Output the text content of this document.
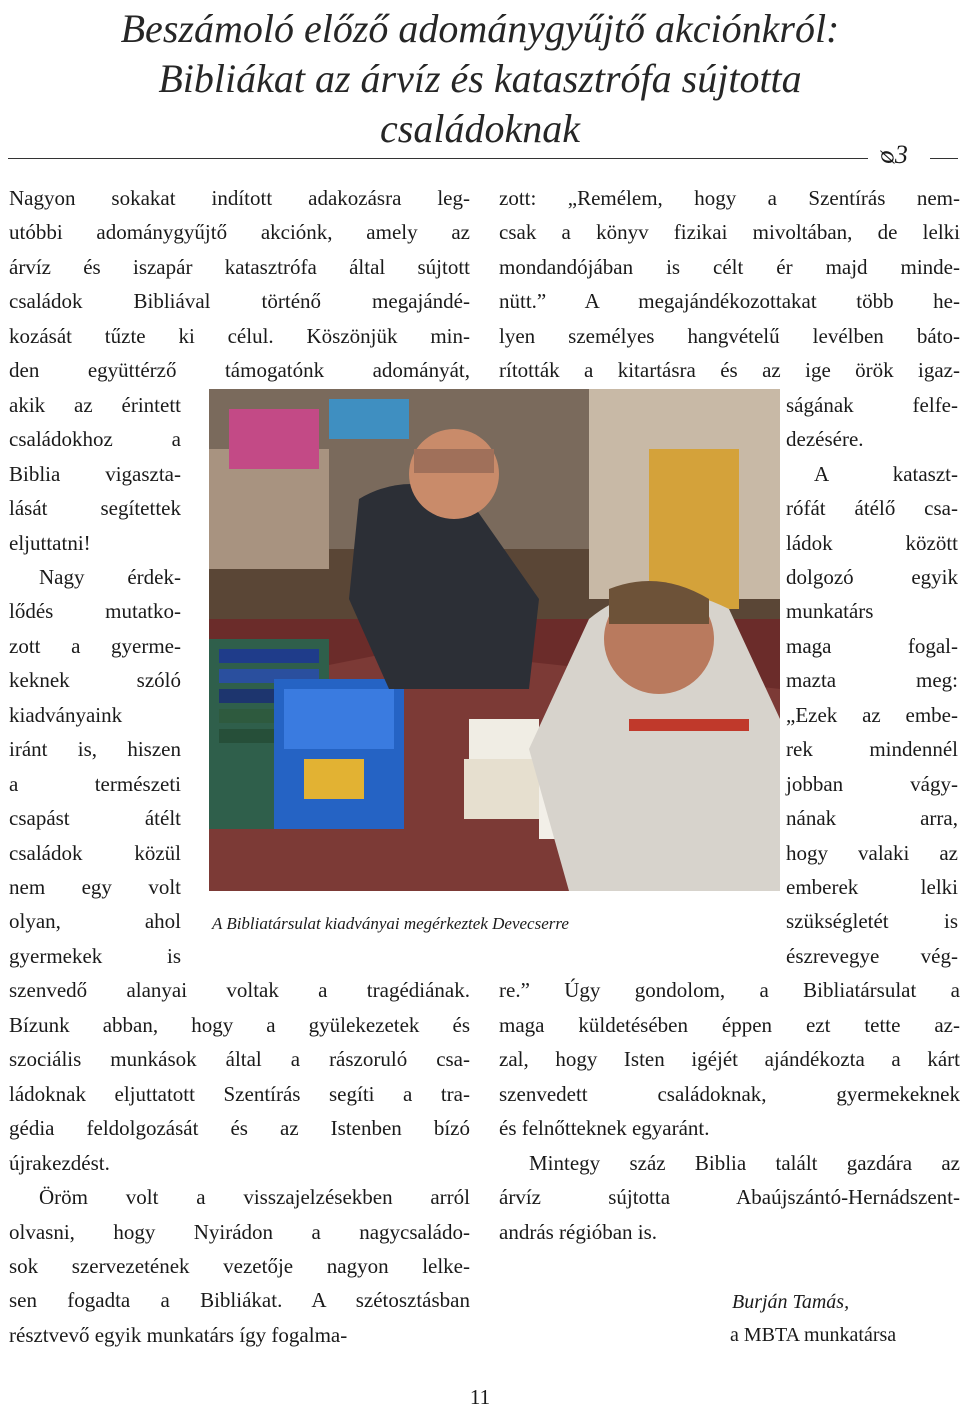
Beszámoló előző adománygyűjtő akciónkról:
Bibliákat az árvíz és katasztrófa sújtotta
családoknak
ᴓ3
Nagyon sokakat indított adakozásra leg-
utóbbi adománygyűjtő akciónk, amely az
árvíz és iszapár katasztrófa által sújtott
családok Bibliával történő megajándé-
kozását tűzte ki célul. Köszönjük min-
den együttérző támogatónk adományát,
akik az érintett
családokhoz a
Biblia vigaszta-
lását segítettek
eljuttatni!
Nagy érdek-
lődés mutatko-
zott a gyerme-
keknek szóló
kiadványaink
iránt is, hiszen
a természeti
csapást átélt
családok közül
nem egy volt
olyan, ahol
gyermekek is
szenvedő alanyai voltak a tragédiának.
Bízunk abban, hogy a gyülekezetek és
szociális munkások által a rászoruló csa-
ládoknak eljuttatott Szentírás segíti a tra-
gédia feldolgozását és az Istenben bízó
újrakezdést.
Öröm volt a visszajelzésekben arról
olvasni, hogy Nyirádon a nagycsaládo-
sok szervezetének vezetője nagyon lelke-
sen fogadta a Bibliákat. A szétosztásban
résztvevő egyik munkatárs így fogalma-
zott: „Remélem, hogy a Szentírás nem-
csak a könyv fizikai mivoltában, de lelki
mondandójában is célt ér majd minde-
nütt.” A megajándékozottakat több he-
lyen személyes hangvételű levélben báto-
rították a kitartásra és az ige örök igaz-
ságának felfe-
dezésére.
A kataszt-
rófát átélő csa-
ládok között
dolgozó egyik
munkatárs
maga fogal-
mazta meg:
„Ezek az embe-
rek mindennél
jobban vágy-
nának arra,
hogy valaki az
emberek lelki
szükségletét is
észrevegye vég-
re.” Úgy gondolom, a Bibliatársulat a
maga küldetésében éppen ezt tette az-
zal, hogy Isten igéjét ajándékozta a kárt
szenvedett családoknak, gyermekeknek
és felnőtteknek egyaránt.
Mintegy száz Biblia talált gazdára az
árvíz sújtotta Abaújszántó-Hernádszent-
andrás régióban is.
A Bibliatársulat kiadványai megérkeztek Devecserre
Burján Tamás,
a MBTA munkatársa
11
